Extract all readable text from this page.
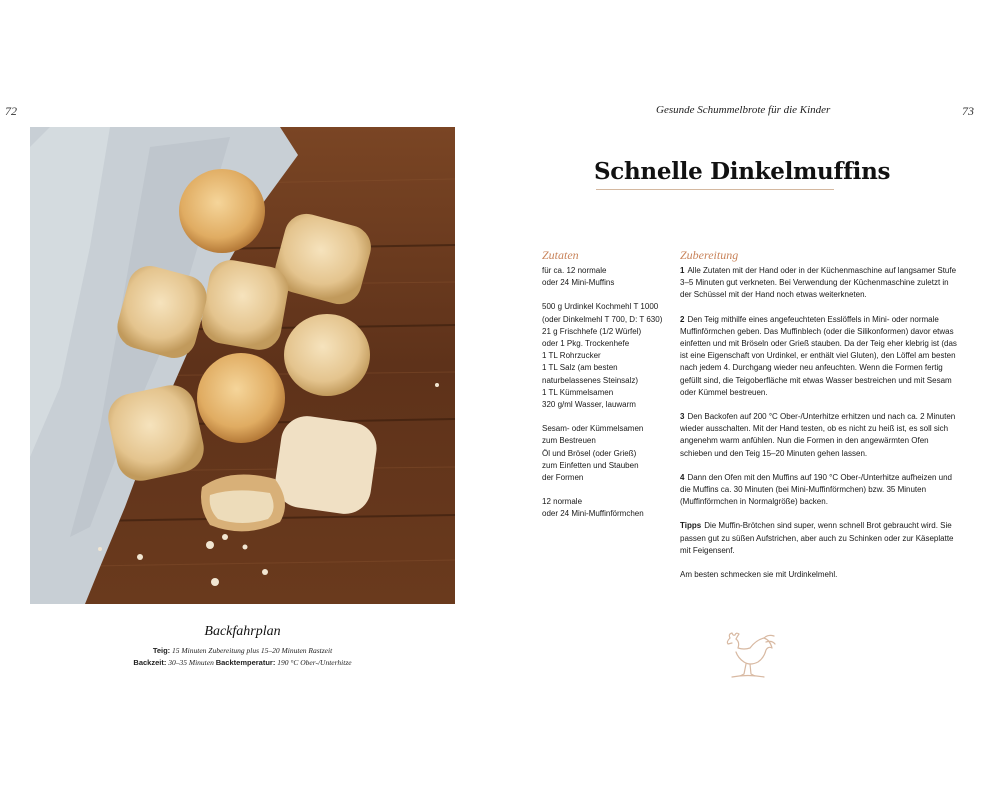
72	73
Gesunde Schummelbrote für die Kinder
Backfahrplan
Teig: 15 Minuten Zubereitung plus 15–20 Minuten Rastzeit
Backzeit: 30–35 Minuten Backtemperatur: 190 °C Ober-/Unterhitze
Schnelle Dinkelmuffins
Zutaten	Zubereitung
für ca. 12 normale
oder 24 Mini-Muffins
500 g Urdinkel Kochmehl T 1000
(oder Dinkelmehl T 700, D: T 630)
21 g Frischhefe (1/2 Würfel)
oder 1 Pkg. Trockenhefe
1 TL Rohrzucker
1 TL Salz (am besten
naturbelassenes Steinsalz)
1 TL Kümmelsamen
320 g/ml Wasser, lauwarm
Sesam- oder Kümmelsamen
zum Bestreuen
Öl und Brösel (oder Grieß)
zum Einfetten und Stauben
der Formen
12 normale
oder 24 Mini-Muffinförmchen

1 Alle Zutaten mit der Hand oder in der Küchenmaschine auf langsamer Stufe 3–5 Minuten gut verkneten. Bei Verwendung der Küchenmaschine zuletzt in der Schüssel mit der Hand noch etwas weiterkneten.

2 Den Teig mithilfe eines angefeuchteten Esslöffels in Mini- oder normale Muffinförmchen geben. Das Muffinblech (oder die Silikonformen) davor etwas einfetten und mit Bröseln oder Grieß stauben. Da der Teig eher klebrig ist (das ist eine Eigenschaft von Urdinkel, er enthält viel Gluten), den Löffel am besten nach jedem 4. Durchgang wieder neu anfeuchten. Wenn die Formen fertig gefüllt sind, die Teigoberfläche mit etwas Wasser bestreichen und mit Sesam oder Kümmel bestreuen.

3 Den Backofen auf 200 °C Ober-/Unterhitze erhitzen und nach ca. 2 Minuten wieder ausschalten. Mit der Hand testen, ob es nicht zu heiß ist, es soll sich angenehm warm anfühlen. Nun die Formen in den angewärmten Ofen schieben und den Teig 15–20 Minuten gehen lassen.

4 Dann den Ofen mit den Muffins auf 190 °C Ober-/Unterhitze aufheizen und die Muffins ca. 30 Minuten (bei Mini-Muffinförmchen) bzw. 35 Minuten (Muffinförmchen in Normalgröße) backen.

Tipps Die Muffin-Brötchen sind super, wenn schnell Brot gebraucht wird. Sie passen gut zu süßen Aufstrichen, aber auch zu Schinken oder zur Käseplatte mit Feigensenf.

Am besten schmecken sie mit Urdinkelmehl.
